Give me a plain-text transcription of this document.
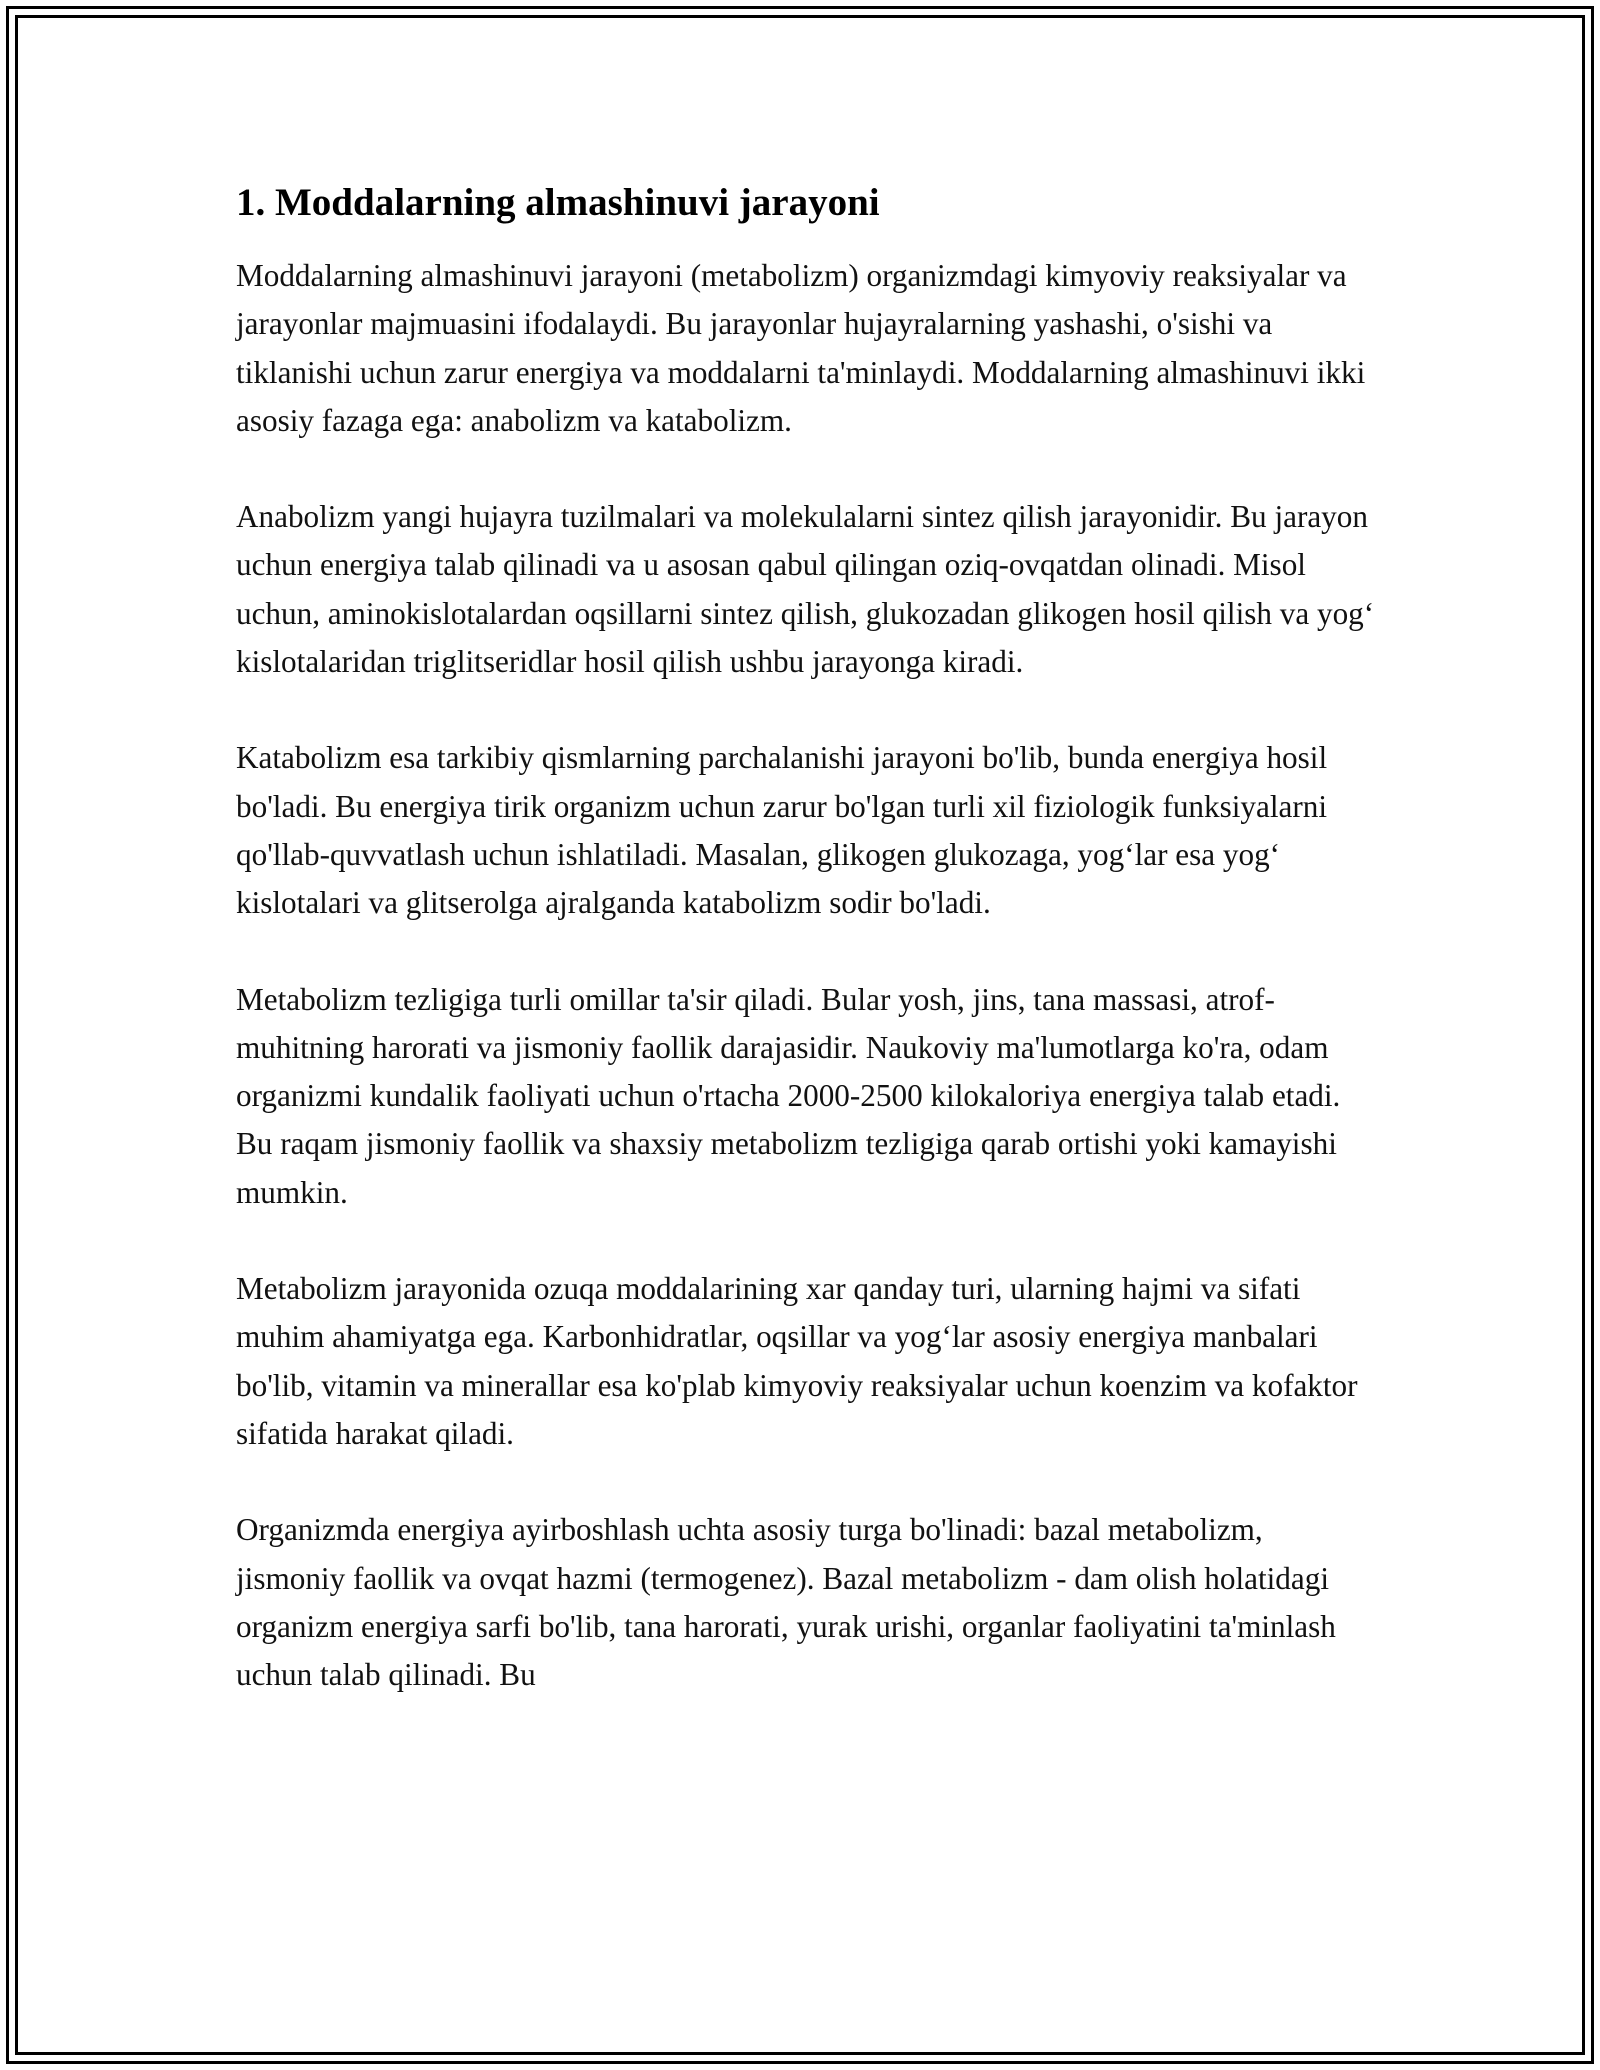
1. Moddalarning almashinuvi jarayoni

Moddalarning almashinuvi jarayoni (metabolizm) organizmdagi kimyoviy reaksiyalar va jarayonlar majmuasini ifodalaydi. Bu jarayonlar hujayralarning yashashi, o'sishi va tiklanishi uchun zarur energiya va moddalarni ta'minlaydi. Moddalarning almashinuvi ikki asosiy fazaga ega: anabolizm va katabolizm.

Anabolizm yangi hujayra tuzilmalari va molekulalarni sintez qilish jarayonidir. Bu jarayon uchun energiya talab qilinadi va u asosan qabul qilingan oziq-ovqatdan olinadi. Misol uchun, aminokislotalardan oqsillarni sintez qilish, glukozadan glikogen hosil qilish va yog‘ kislotalaridan triglitseridlar hosil qilish ushbu jarayonga kiradi.

Katabolizm esa tarkibiy qismlarning parchalanishi jarayoni bo'lib, bunda energiya hosil bo'ladi. Bu energiya tirik organizm uchun zarur bo'lgan turli xil fiziologik funksiyalarni qo'llab-quvvatlash uchun ishlatiladi. Masalan, glikogen glukozaga, yog‘lar esa yog‘ kislotalari va glitserolga ajralganda katabolizm sodir bo'ladi.

Metabolizm tezligiga turli omillar ta'sir qiladi. Bular yosh, jins, tana massasi, atrof-muhitning harorati va jismoniy faollik darajasidir. Naukoviy ma'lumotlarga ko'ra, odam organizmi kundalik faoliyati uchun o'rtacha 2000-2500 kilokaloriya energiya talab etadi. Bu raqam jismoniy faollik va shaxsiy metabolizm tezligiga qarab ortishi yoki kamayishi mumkin.

Metabolizm jarayonida ozuqa moddalarining xar qanday turi, ularning hajmi va sifati muhim ahamiyatga ega. Karbonhidratlar, oqsillar va yog‘lar asosiy energiya manbalari bo'lib, vitamin va minerallar esa ko'plab kimyoviy reaksiyalar uchun koenzim va kofaktor sifatida harakat qiladi.

Organizmda energiya ayirboshlash uchta asosiy turga bo'linadi: bazal metabolizm, jismoniy faollik va ovqat hazmi (termogenez). Bazal metabolizm - dam olish holatidagi organizm energiya sarfi bo'lib, tana harorati, yurak urishi, organlar faoliyatini ta'minlash uchun talab qilinadi. Bu
